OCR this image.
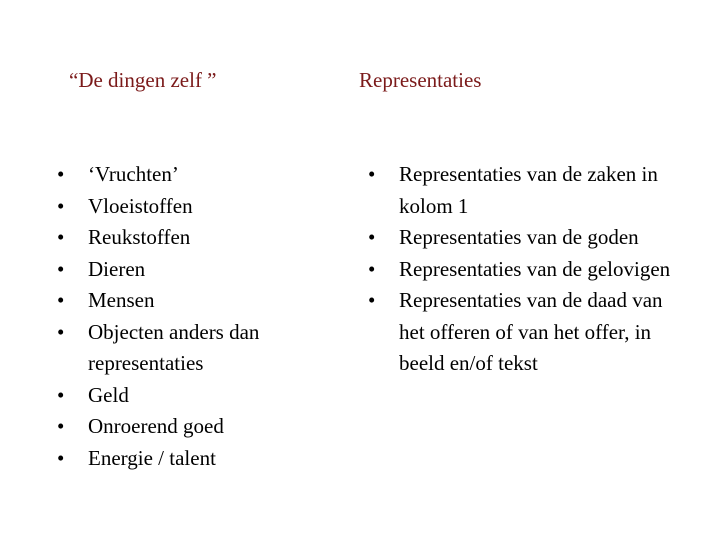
“De dingen zelf ”	Representaties
• ‘Vruchten’
• Vloeistoffen
• Reukstoffen
• Dieren
• Mensen
• Objecten anders dan representaties
• Geld
• Onroerend goed
• Energie / talent
• Representaties van de zaken in kolom 1
• Representaties van de goden
• Representaties van de gelovigen
• Representaties van de daad van het offeren of van het offer, in beeld en/of tekst
